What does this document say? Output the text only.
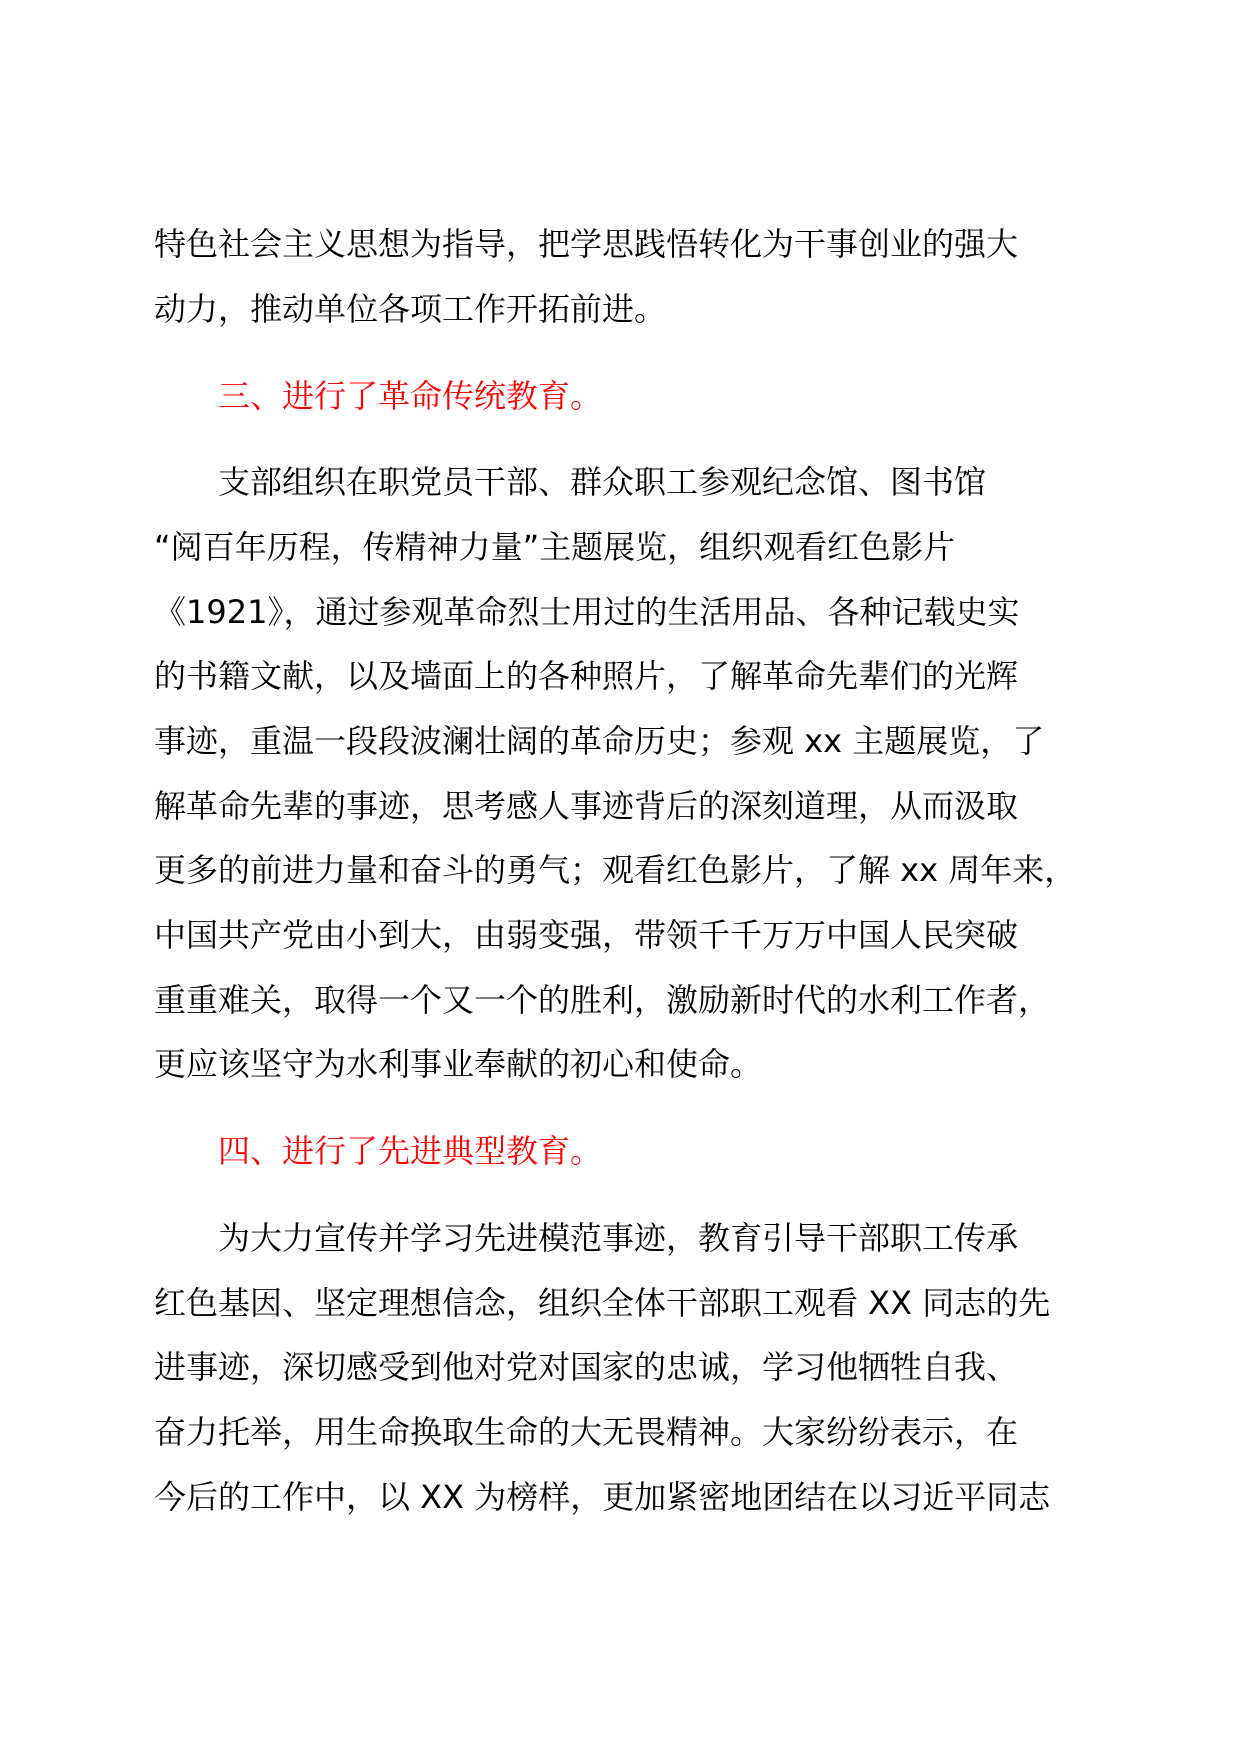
特色社会主义思想为指导，把学思践悟转化为干事创业的强大
动力，推动单位各项工作开拓前进。
三、进行了革命传统教育。
支部组织在职党员干部、群众职工参观纪念馆、图书馆
“阅百年历程，传精神力量”主题展览，组织观看红色影片
《1921》，通过参观革命烈士用过的生活用品、各种记载史实
的书籍文献，以及墙面上的各种照片，了解革命先辈们的光辉
事迹，重温一段段波澜壮阔的革命历史；参观 xx 主题展览，了
解革命先辈的事迹，思考感人事迹背后的深刻道理，从而汲取
更多的前进力量和奋斗的勇气；观看红色影片，了解 xx 周年来，
中国共产党由小到大，由弱变强，带领千千万万中国人民突破
重重难关，取得一个又一个的胜利，激励新时代的水利工作者，
更应该坚守为水利事业奉献的初心和使命。
四、进行了先进典型教育。
为大力宣传并学习先进模范事迹，教育引导干部职工传承
红色基因、坚定理想信念，组织全体干部职工观看 XX 同志的先
进事迹，深切感受到他对党对国家的忠诚，学习他牺牲自我、
奋力托举，用生命换取生命的大无畏精神。大家纷纷表示，在
今后的工作中，以 XX 为榜样，更加紧密地团结在以习近平同志
